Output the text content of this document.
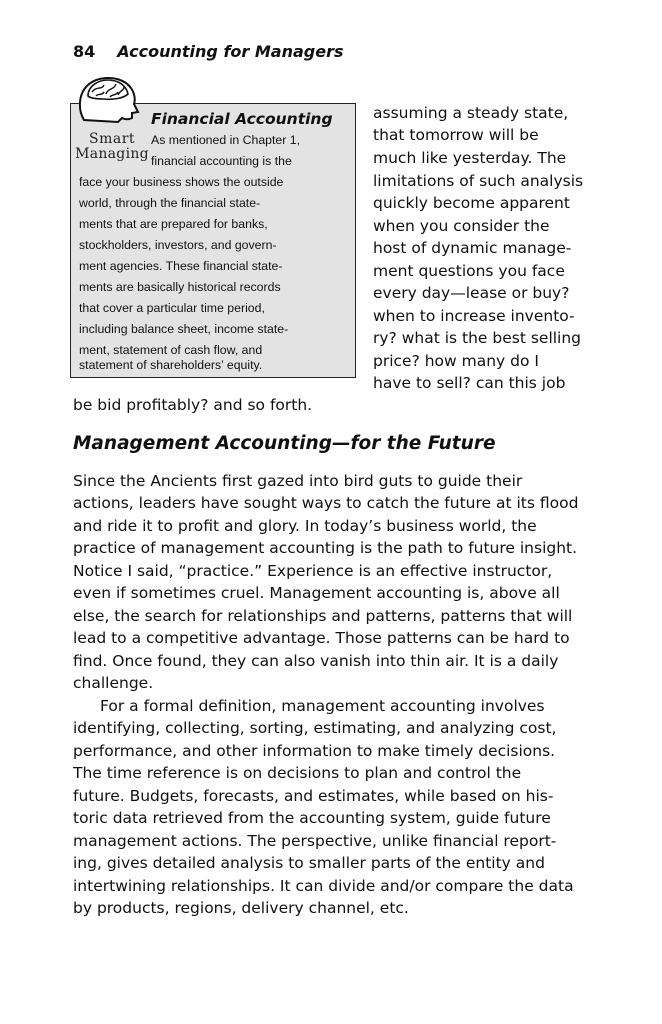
84 Accounting for Managers
Financial Accounting
As mentioned in Chapter 1,
financial accounting is the
face your business shows the outside
world, through the financial state-
ments that are prepared for banks,
stockholders, investors, and govern-
ment agencies. These financial state-
ments are basically historical records
that cover a particular time period,
including balance sheet, income state-
ment, statement of cash flow, and
statement of shareholders’ equity.
Smart
Managing
assuming a steady state,
that tomorrow will be
much like yesterday. The
limitations of such analysis
quickly become apparent
when you consider the
host of dynamic manage-
ment questions you face
every day—lease or buy?
when to increase invento-
ry? what is the best selling
price? how many do I
have to sell? can this job
be bid profitably? and so forth.
Management Accounting—for the Future
Since the Ancients first gazed into bird guts to guide their
actions, leaders have sought ways to catch the future at its flood
and ride it to profit and glory. In today’s business world, the
practice of management accounting is the path to future insight.
Notice I said, “practice.” Experience is an effective instructor,
even if sometimes cruel. Management accounting is, above all
else, the search for relationships and patterns, patterns that will
lead to a competitive advantage. Those patterns can be hard to
find. Once found, they can also vanish into thin air. It is a daily
challenge.
For a formal definition, management accounting involves
identifying, collecting, sorting, estimating, and analyzing cost,
performance, and other information to make timely decisions.
The time reference is on decisions to plan and control the
future. Budgets, forecasts, and estimates, while based on his-
toric data retrieved from the accounting system, guide future
management actions. The perspective, unlike financial report-
ing, gives detailed analysis to smaller parts of the entity and
intertwining relationships. It can divide and/or compare the data
by products, regions, delivery channel, etc.
